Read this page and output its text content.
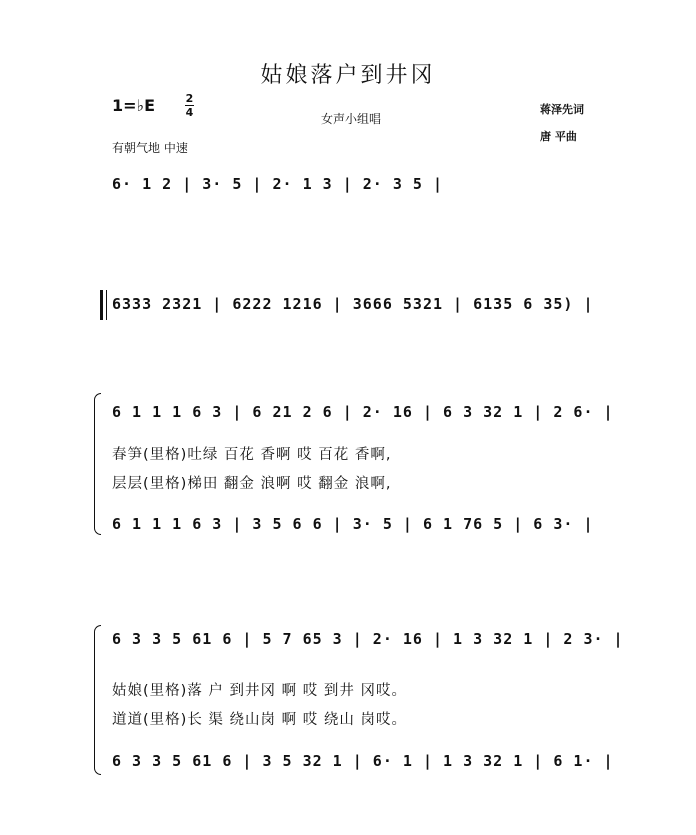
姑娘落户到井冈
1=♭E	2
4	女声小组唱
有朝气地 中速
蒋泽先词
唐 平曲
6· 1 2 | 3· 5 | 2· 1 3 | 2· 3 5 |
6333 2321 | 6222 1216 | 3666 5321 | 6135 6 35) |
6 1 1 1 6 3 | 6 21 2 6 | 2· 16 | 6 3 32 1 | 2 6· |
春笋(里格)吐绿 百花 香啊 哎 百花 香啊,
层层(里格)梯田 翻金 浪啊 哎 翻金 浪啊,
6 1 1 1 6 3 | 3 5 6 6 | 3· 5 | 6 1 76 5 | 6 3· |
6 3 3 5 61 6 | 5 7 65 3 | 2· 16 | 1 3 32 1 | 2 3· |
姑娘(里格)落 户 到井冈 啊 哎 到井 冈哎。
道道(里格)长 渠 绕山岗 啊 哎 绕山 岗哎。
6 3 3 5 61 6 | 3 5 32 1 | 6· 1 | 1 3 32 1 | 6 1· |
